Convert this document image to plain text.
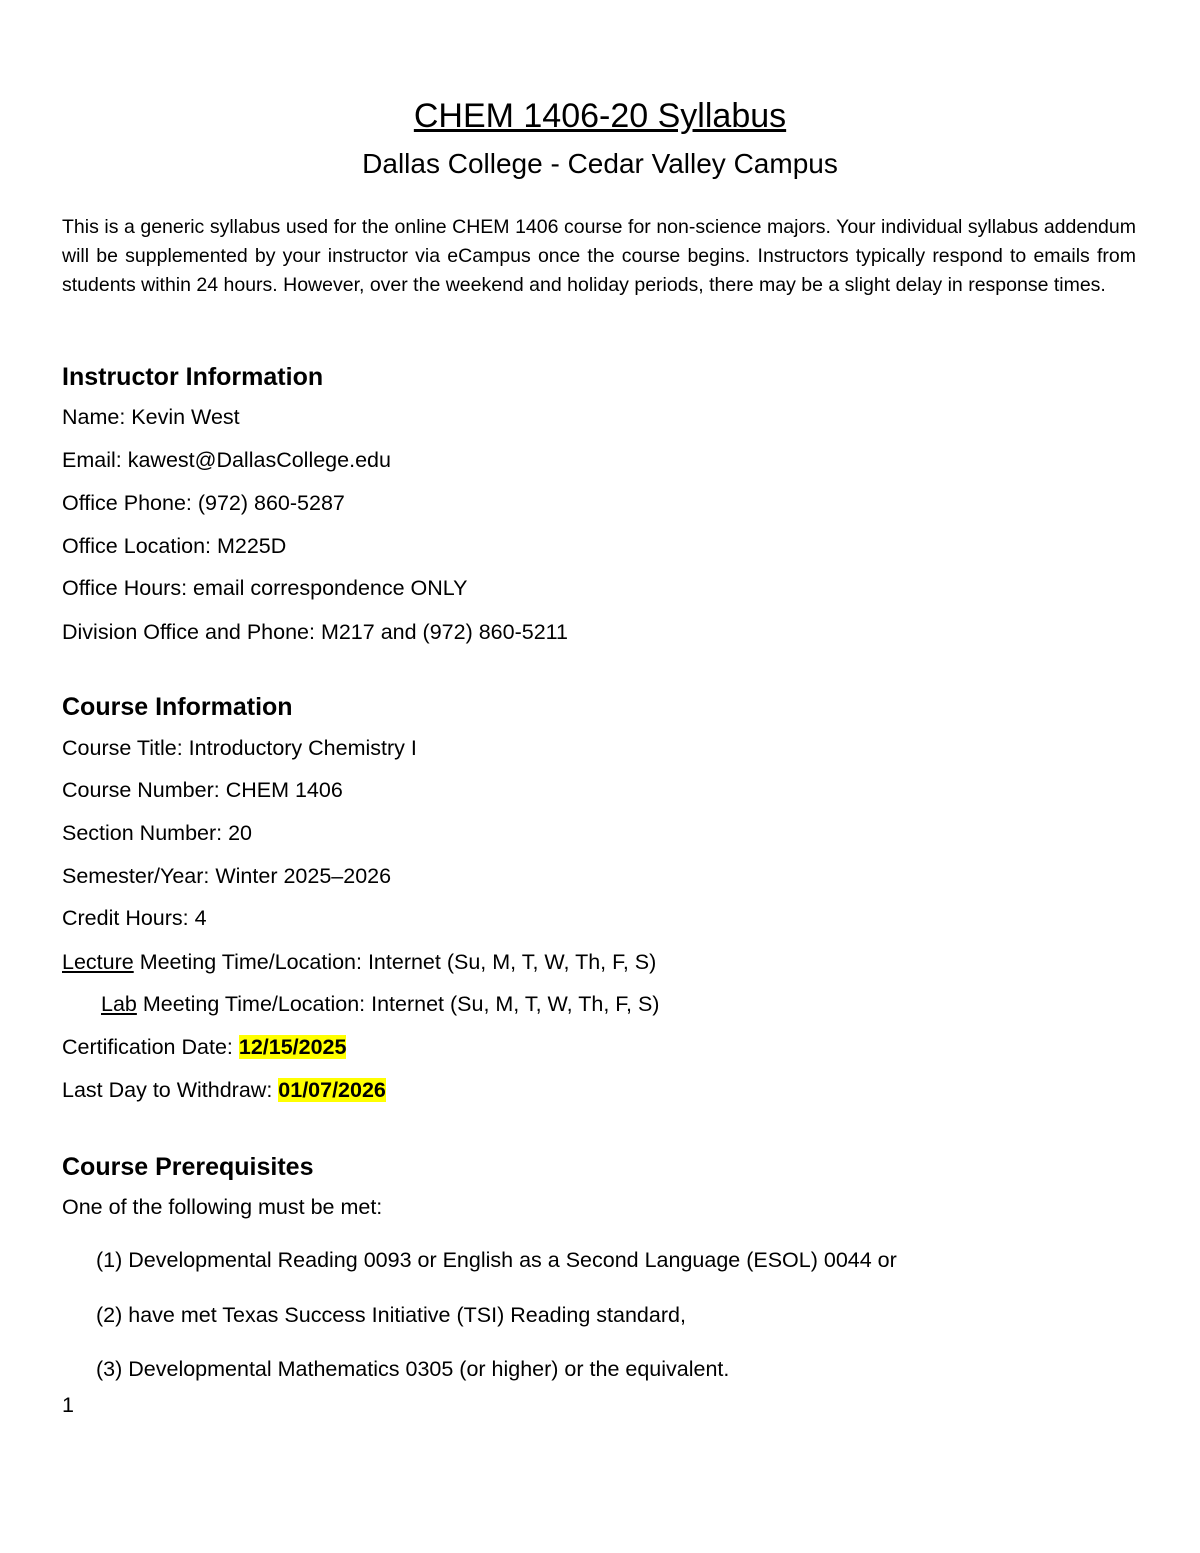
CHEM 1406-20 Syllabus
Dallas College - Cedar Valley Campus
This is a generic syllabus used for the online CHEM 1406 course for non-science majors. Your individual syllabus addendum will be supplemented by your instructor via eCampus once the course begins. Instructors typically respond to emails from students within 24 hours. However, over the weekend and holiday periods, there may be a slight delay in response times.
Instructor Information
Name: Kevin West
Email: kawest@DallasCollege.edu
Office Phone: (972) 860-5287
Office Location: M225D
Office Hours: email correspondence ONLY
Division Office and Phone: M217 and (972) 860-5211
Course Information
Course Title: Introductory Chemistry I
Course Number: CHEM 1406
Section Number: 20
Semester/Year: Winter 2025–2026
Credit Hours: 4
Lecture Meeting Time/Location: Internet (Su, M, T, W, Th, F, S)
Lab Meeting Time/Location: Internet (Su, M, T, W, Th, F, S)
Certification Date: 12/15/2025
Last Day to Withdraw: 01/07/2026
Course Prerequisites
One of the following must be met:
(1) Developmental Reading 0093 or English as a Second Language (ESOL) 0044 or
(2) have met Texas Success Initiative (TSI) Reading standard,
(3) Developmental Mathematics 0305 (or higher) or the equivalent.
1
